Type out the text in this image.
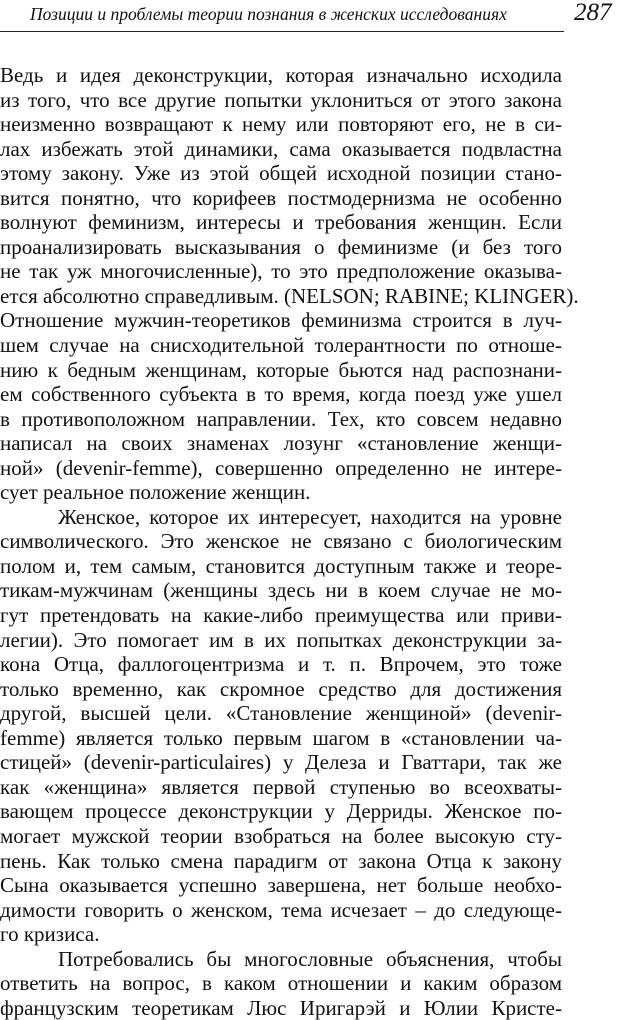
Позиции и проблемы теории познания в женских исследованиях	287
Ведь и идея деконструкции, которая изначально исходила
из того, что все другие попытки уклониться от этого закона
неизменно возвращают к нему или повторяют его, не в си-
лах избежать этой динамики, сама оказывается подвластна
этому закону. Уже из этой общей исходной позиции стано-
вится понятно, что корифеев постмодернизма не особенно
волнуют феминизм, интересы и требования женщин. Если
проанализировать высказывания о феминизме (и без того
не так уж многочисленные), то это предположение оказыва-
ется абсолютно справедливым. (NELSON; RABINE; KLINGER).
Отношение мужчин-теоретиков феминизма строится в луч-
шем случае на снисходительной толерантности по отноше-
нию к бедным женщинам, которые бьются над распознани-
ем собственного субъекта в то время, когда поезд уже ушел
в противоположном направлении. Тех, кто совсем недавно
написал на своих знаменах лозунг «становление женщи-
ной» (devenir-femme), совершенно определенно не интере-
сует реальное положение женщин.
Женское, которое их интересует, находится на уровне
символического. Это женское не связано с биологическим
полом и, тем самым, становится доступным также и теоре-
тикам-мужчинам (женщины здесь ни в коем случае не мо-
гут претендовать на какие-либо преимущества или приви-
легии). Это помогает им в их попытках деконструкции за-
кона Отца, фаллогоцентризма и т. п. Впрочем, это тоже
только временно, как скромное средство для достижения
другой, высшей цели. «Становление женщиной» (devenir-
femme) является только первым шагом в «становлении ча-
стицей» (devenir-particulaires) у Делеза и Гваттари, так же
как «женщина» является первой ступенью во всеохваты-
вающем процессе деконструкции у Дерриды. Женское по-
могает мужской теории взобраться на более высокую сту-
пень. Как только смена парадигм от закона Отца к закону
Сына оказывается успешно завершена, нет больше необхо-
димости говорить о женском, тема исчезает – до следующе-
го кризиса.
Потребовались бы многословные объяснения, чтобы
ответить на вопрос, в каком отношении и каким образом
французским теоретикам Люс Иригарэй и Юлии Кристе-
